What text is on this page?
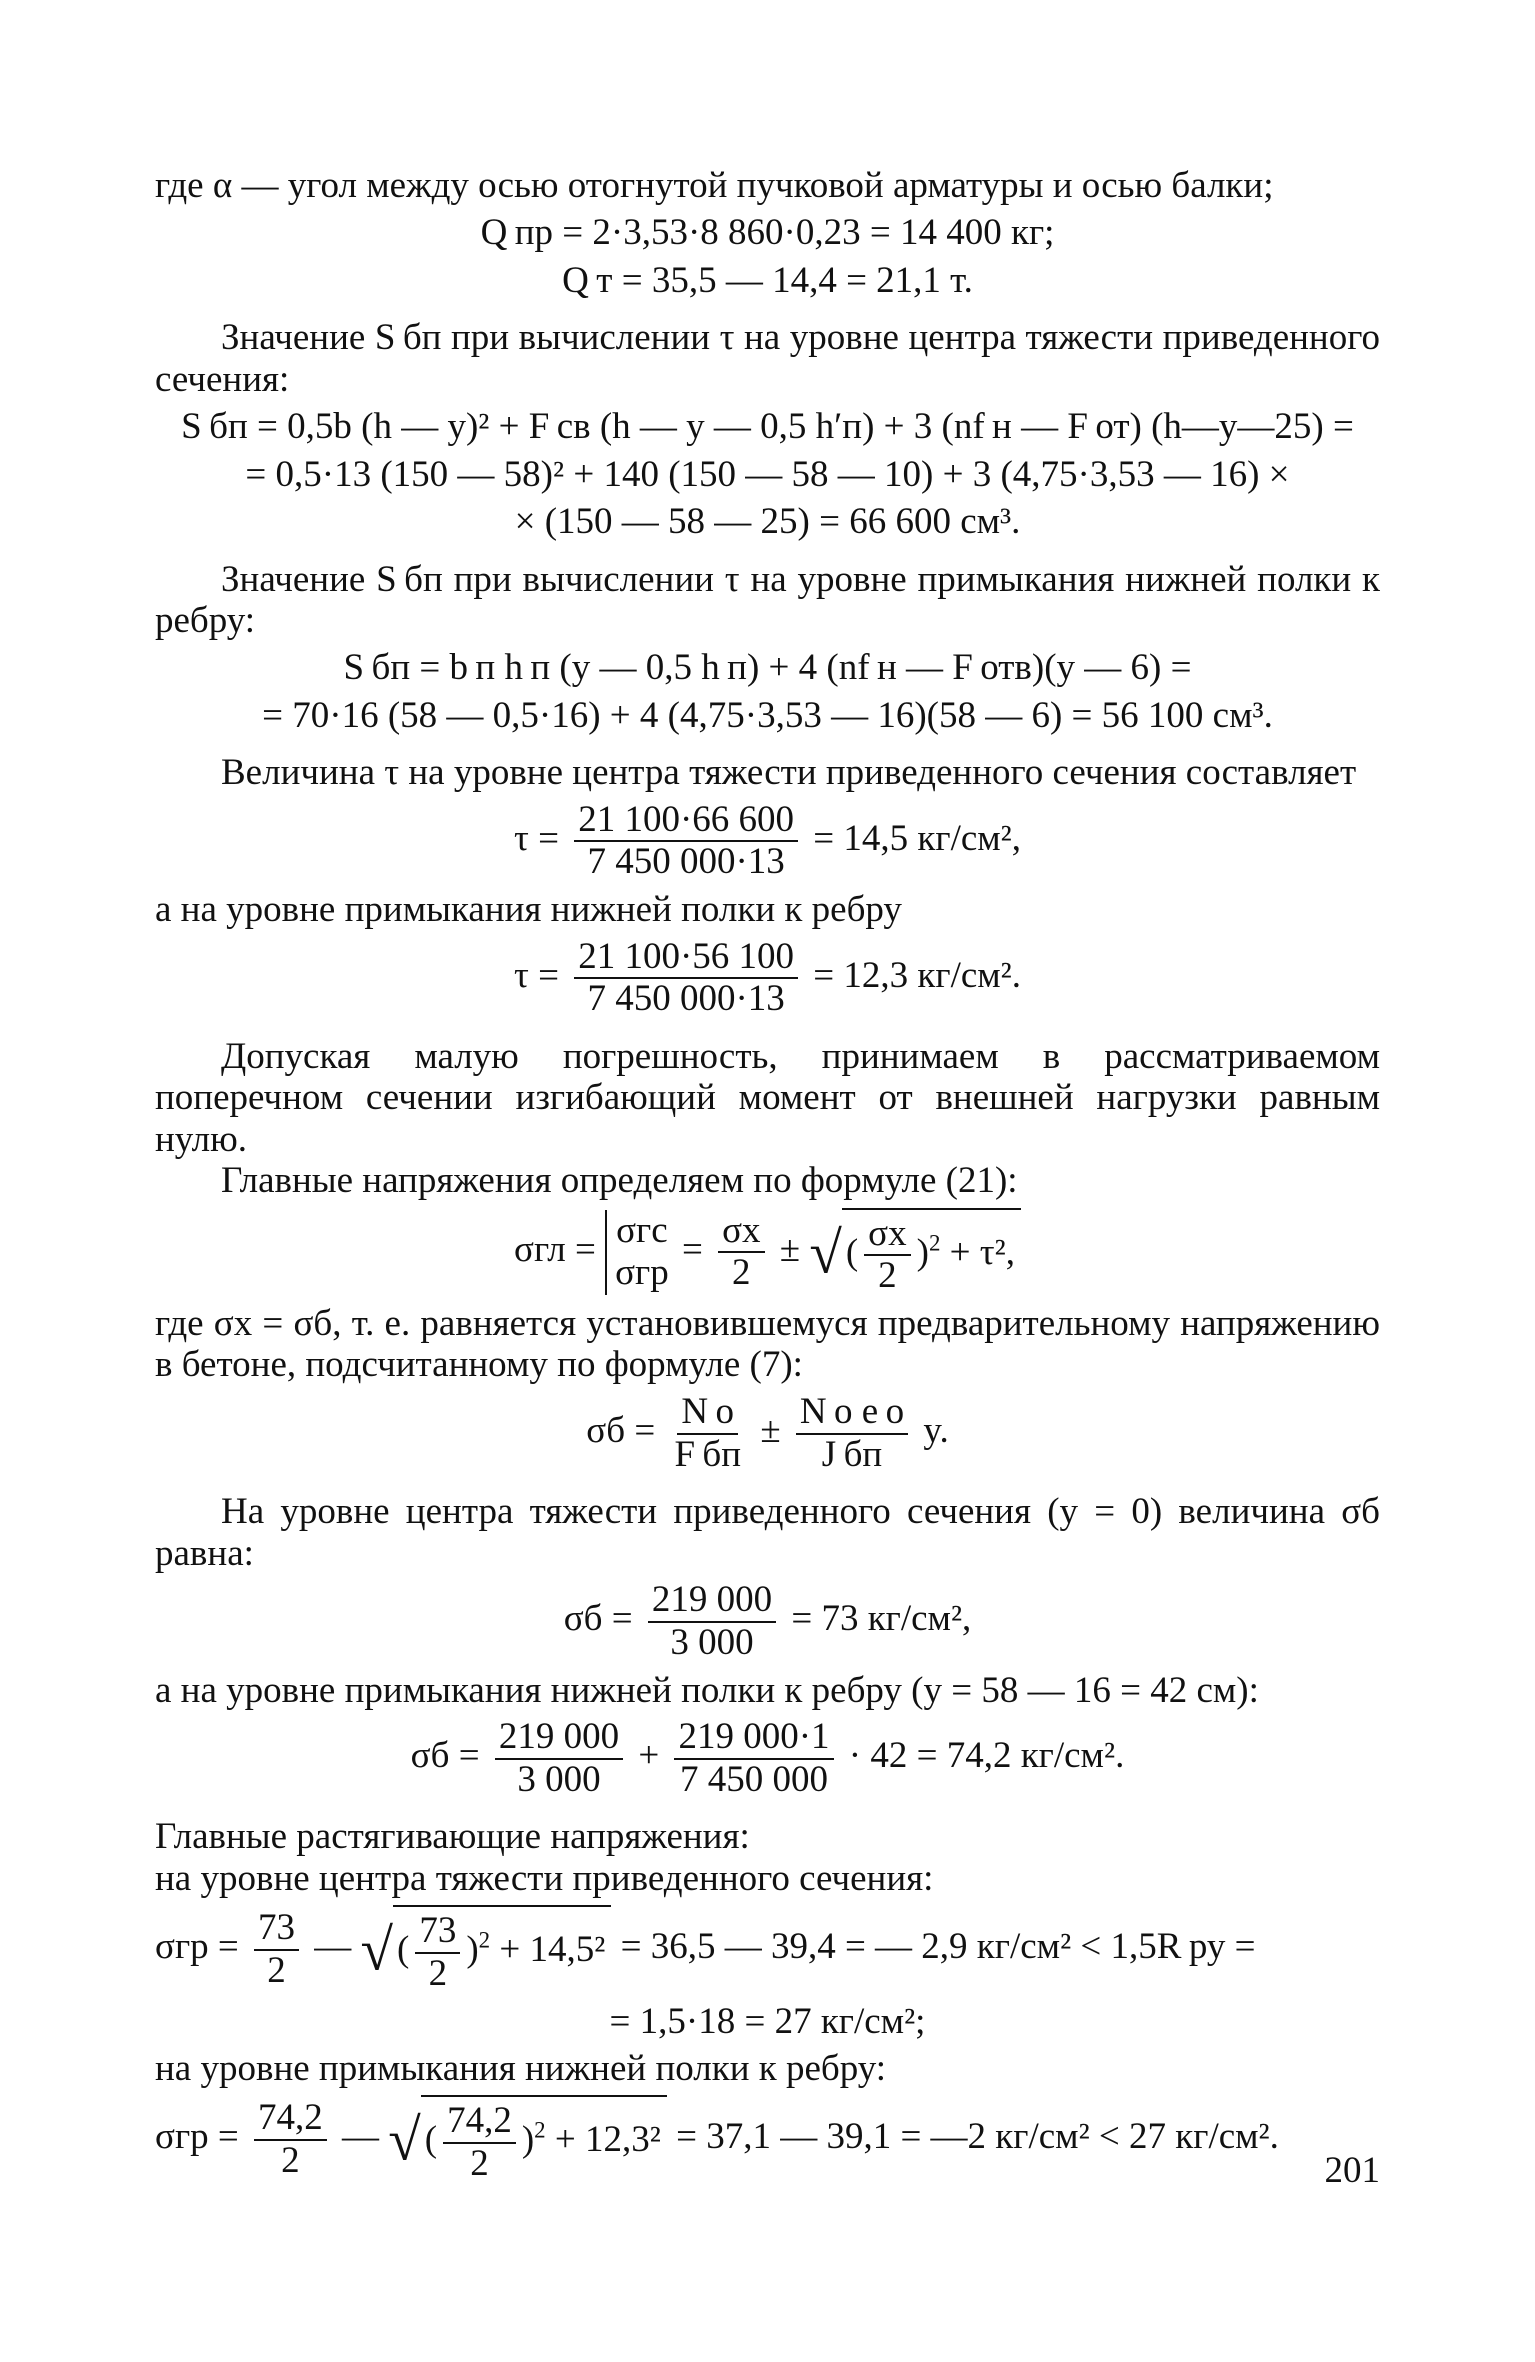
где α — угол между осью отогнутой пучковой арматуры и осью балки;

Q пр = 2·3,53·8 860·0,23 = 14 400 кг;
Q т = 35,5 — 14,4 = 21,1 т.

Значение S бп при вычислении τ на уровне центра тяжести приведенного сечения:

S бп = 0,5b (h — y)² + F св (h — y — 0,5 h′п) + 3 (nf н — F от) (h—y—25) =
= 0,5·13 (150 — 58)² + 140 (150 — 58 — 10) + 3 (4,75·3,53 — 16) ×
× (150 — 58 — 25) = 66 600 см³.

Значение S бп при вычислении τ на уровне примыкания нижней полки к ребру:

S бп = b п h п (y — 0,5 h п) + 4 (nf н — F отв)(y — 6) =
= 70·16 (58 — 0,5·16) + 4 (4,75·3,53 — 16)(58 — 6) = 56 100 см³.

Величина τ на уровне центра тяжести приведенного сечения составляет

$\tau = \frac{21 100\cdot 66 600}{7 450 000\cdot 13} = 14,5$ кг/см²,

а на уровне примыкания нижней полки к ребру

$\tau = \frac{21 100\cdot 56 100}{7 450 000\cdot 13} = 12,3$ кг/см².

Допуская малую погрешность, принимаем в рассматриваемом поперечном сечении изгибающий момент от внешней нагрузки равным нулю.

Главные напряжения определяем по формуле (21):

σгл = σгс
σгр
= $\frac{\sigma x}{2}$ ± √ ( $\frac{\sigma x}{2} )^2 + \tau^2$,

где σx = σб, т. е. равняется установившемуся предварительному напряжению в бетоне, подсчитанному по формуле (7):

$\sigma б = \frac{\text{N о}}{\text{F бп}} \pm \frac{\text{N о e о}}{\text{J бп}} y$.

На уровне центра тяжести приведенного сечения (y = 0) величина σб равна:

$\sigma б = \frac{219 000}{3 000} = 73$ кг/см²,

а на уровне примыкания нижней полки к ребру (y = 58 — 16 = 42 см):

$\sigma б = \frac{219 000}{3 000} + \frac{219 000\cdot 1}{7 450 000} \cdot 42 = 74,2$ кг/см².

Главные растягивающие напряжения:

на уровне центра тяжести приведенного сечения:

$\sigma гр = \frac{73}{2}$ — √ ( $\frac{73}{2} )^2 + 14,5^2 = 36,5$ — 39,4 = — 2,9 кг/см² < 1,5R ру =
= 1,5·18 = 27 кг/см²;

на уровне примыкания нижней полки к ребру:

$\sigma гр = \frac{74,2}{2}$ — √ ( $\frac{74,2}{2} )^2 + 12,3^2 = 37,1$ — 39,1 = —2 кг/см² < 27 кг/см².
201
